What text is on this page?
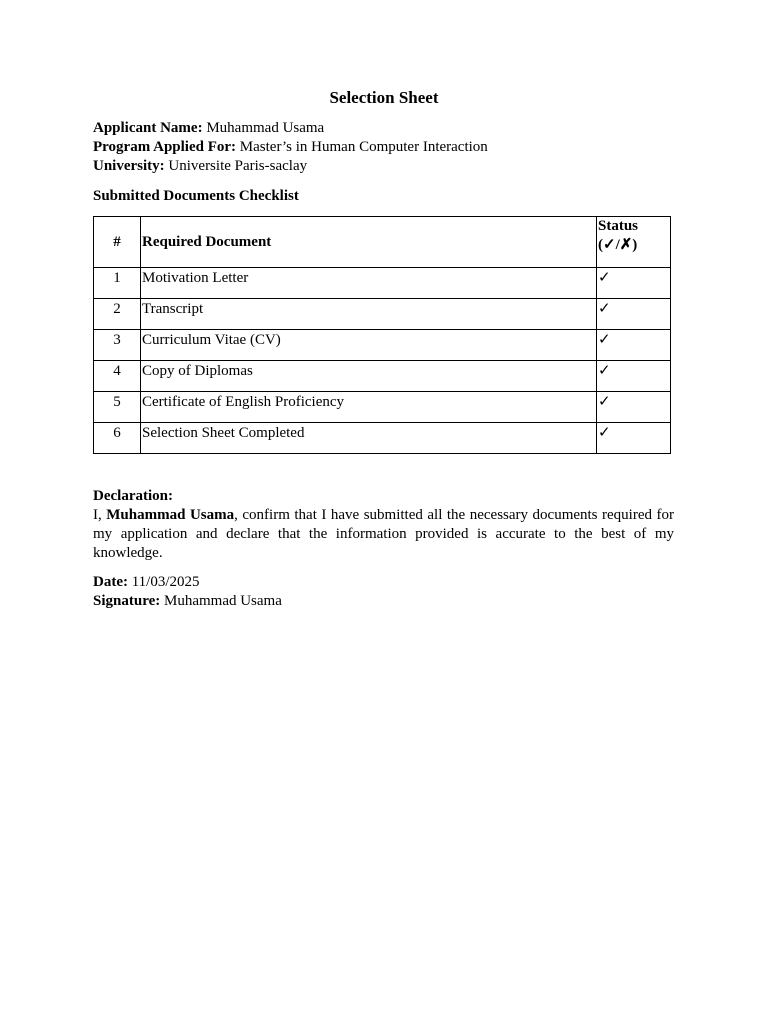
Selection Sheet
Applicant Name: Muhammad Usama
Program Applied For: Master’s in Human Computer Interaction
University: Universite Paris-saclay
Submitted Documents Checklist
#	Required Document	Status
(✓/✗)

1	Motivation Letter	✓
2	Transcript	✓
3	Curriculum Vitae (CV)	✓
4	Copy of Diplomas	✓
5	Certificate of English Proficiency	✓
6	Selection Sheet Completed	✓
Declaration:

I, Muhammad Usama, confirm that I have submitted all the necessary documents required for my application and declare that the information provided is accurate to the best of my knowledge.

Date: 11/03/2025
Signature: Muhammad Usama
